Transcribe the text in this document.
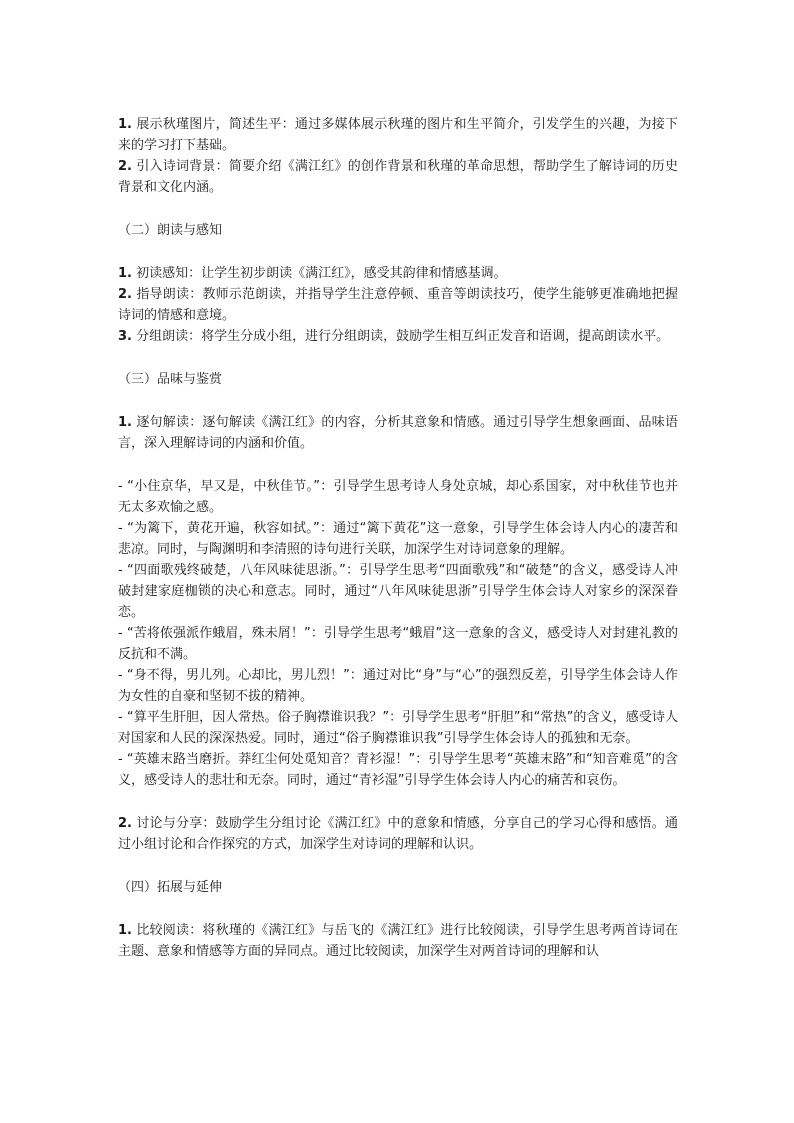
1. 展示秋瑾图片，简述生平：通过多媒体展示秋瑾的图片和生平简介，引发学生的兴趣，为接下来的学习打下基础。

2. 引入诗词背景：简要介绍《满江红》的创作背景和秋瑾的革命思想，帮助学生了解诗词的历史背景和文化内涵。

（二）朗读与感知

1. 初读感知：让学生初步朗读《满江红》，感受其韵律和情感基调。

2. 指导朗读：教师示范朗读，并指导学生注意停顿、重音等朗读技巧，使学生能够更准确地把握诗词的情感和意境。

3. 分组朗读：将学生分成小组，进行分组朗读，鼓励学生相互纠正发音和语调，提高朗读水平。

（三）品味与鉴赏

1. 逐句解读：逐句解读《满江红》的内容，分析其意象和情感。通过引导学生想象画面、品味语言，深入理解诗词的内涵和价值。

- “小住京华，早又是，中秋佳节。”：引导学生思考诗人身处京城，却心系国家，对中秋佳节也并无太多欢愉之感。

- “为篱下，黄花开遍，秋容如拭。”：通过“篱下黄花”这一意象，引导学生体会诗人内心的凄苦和悲凉。同时，与陶渊明和李清照的诗句进行关联，加深学生对诗词意象的理解。

- “四面歌残终破楚，八年风味徒思浙。”：引导学生思考“四面歌残”和“破楚”的含义，感受诗人冲破封建家庭枷锁的决心和意志。同时，通过“八年风味徒思浙”引导学生体会诗人对家乡的深深眷恋。

- “苦将侬强派作蛾眉，殊未屑！”：引导学生思考“蛾眉”这一意象的含义，感受诗人对封建礼教的反抗和不满。

- “身不得，男儿列。心却比，男儿烈！”：通过对比“身”与“心”的强烈反差，引导学生体会诗人作为女性的自豪和坚韧不拔的精神。

- “算平生肝胆，因人常热。俗子胸襟谁识我？”：引导学生思考“肝胆”和“常热”的含义，感受诗人对国家和人民的深深热爱。同时，通过“俗子胸襟谁识我”引导学生体会诗人的孤独和无奈。

- “英雄末路当磨折。莽红尘何处觅知音？青衫湿！”：引导学生思考“英雄末路”和“知音难觅”的含义，感受诗人的悲壮和无奈。同时，通过“青衫湿”引导学生体会诗人内心的痛苦和哀伤。

2. 讨论与分享：鼓励学生分组讨论《满江红》中的意象和情感，分享自己的学习心得和感悟。通过小组讨论和合作探究的方式，加深学生对诗词的理解和认识。

（四）拓展与延伸

1. 比较阅读：将秋瑾的《满江红》与岳飞的《满江红》进行比较阅读，引导学生思考两首诗词在主题、意象和情感等方面的异同点。通过比较阅读，加深学生对两首诗词的理解和认
